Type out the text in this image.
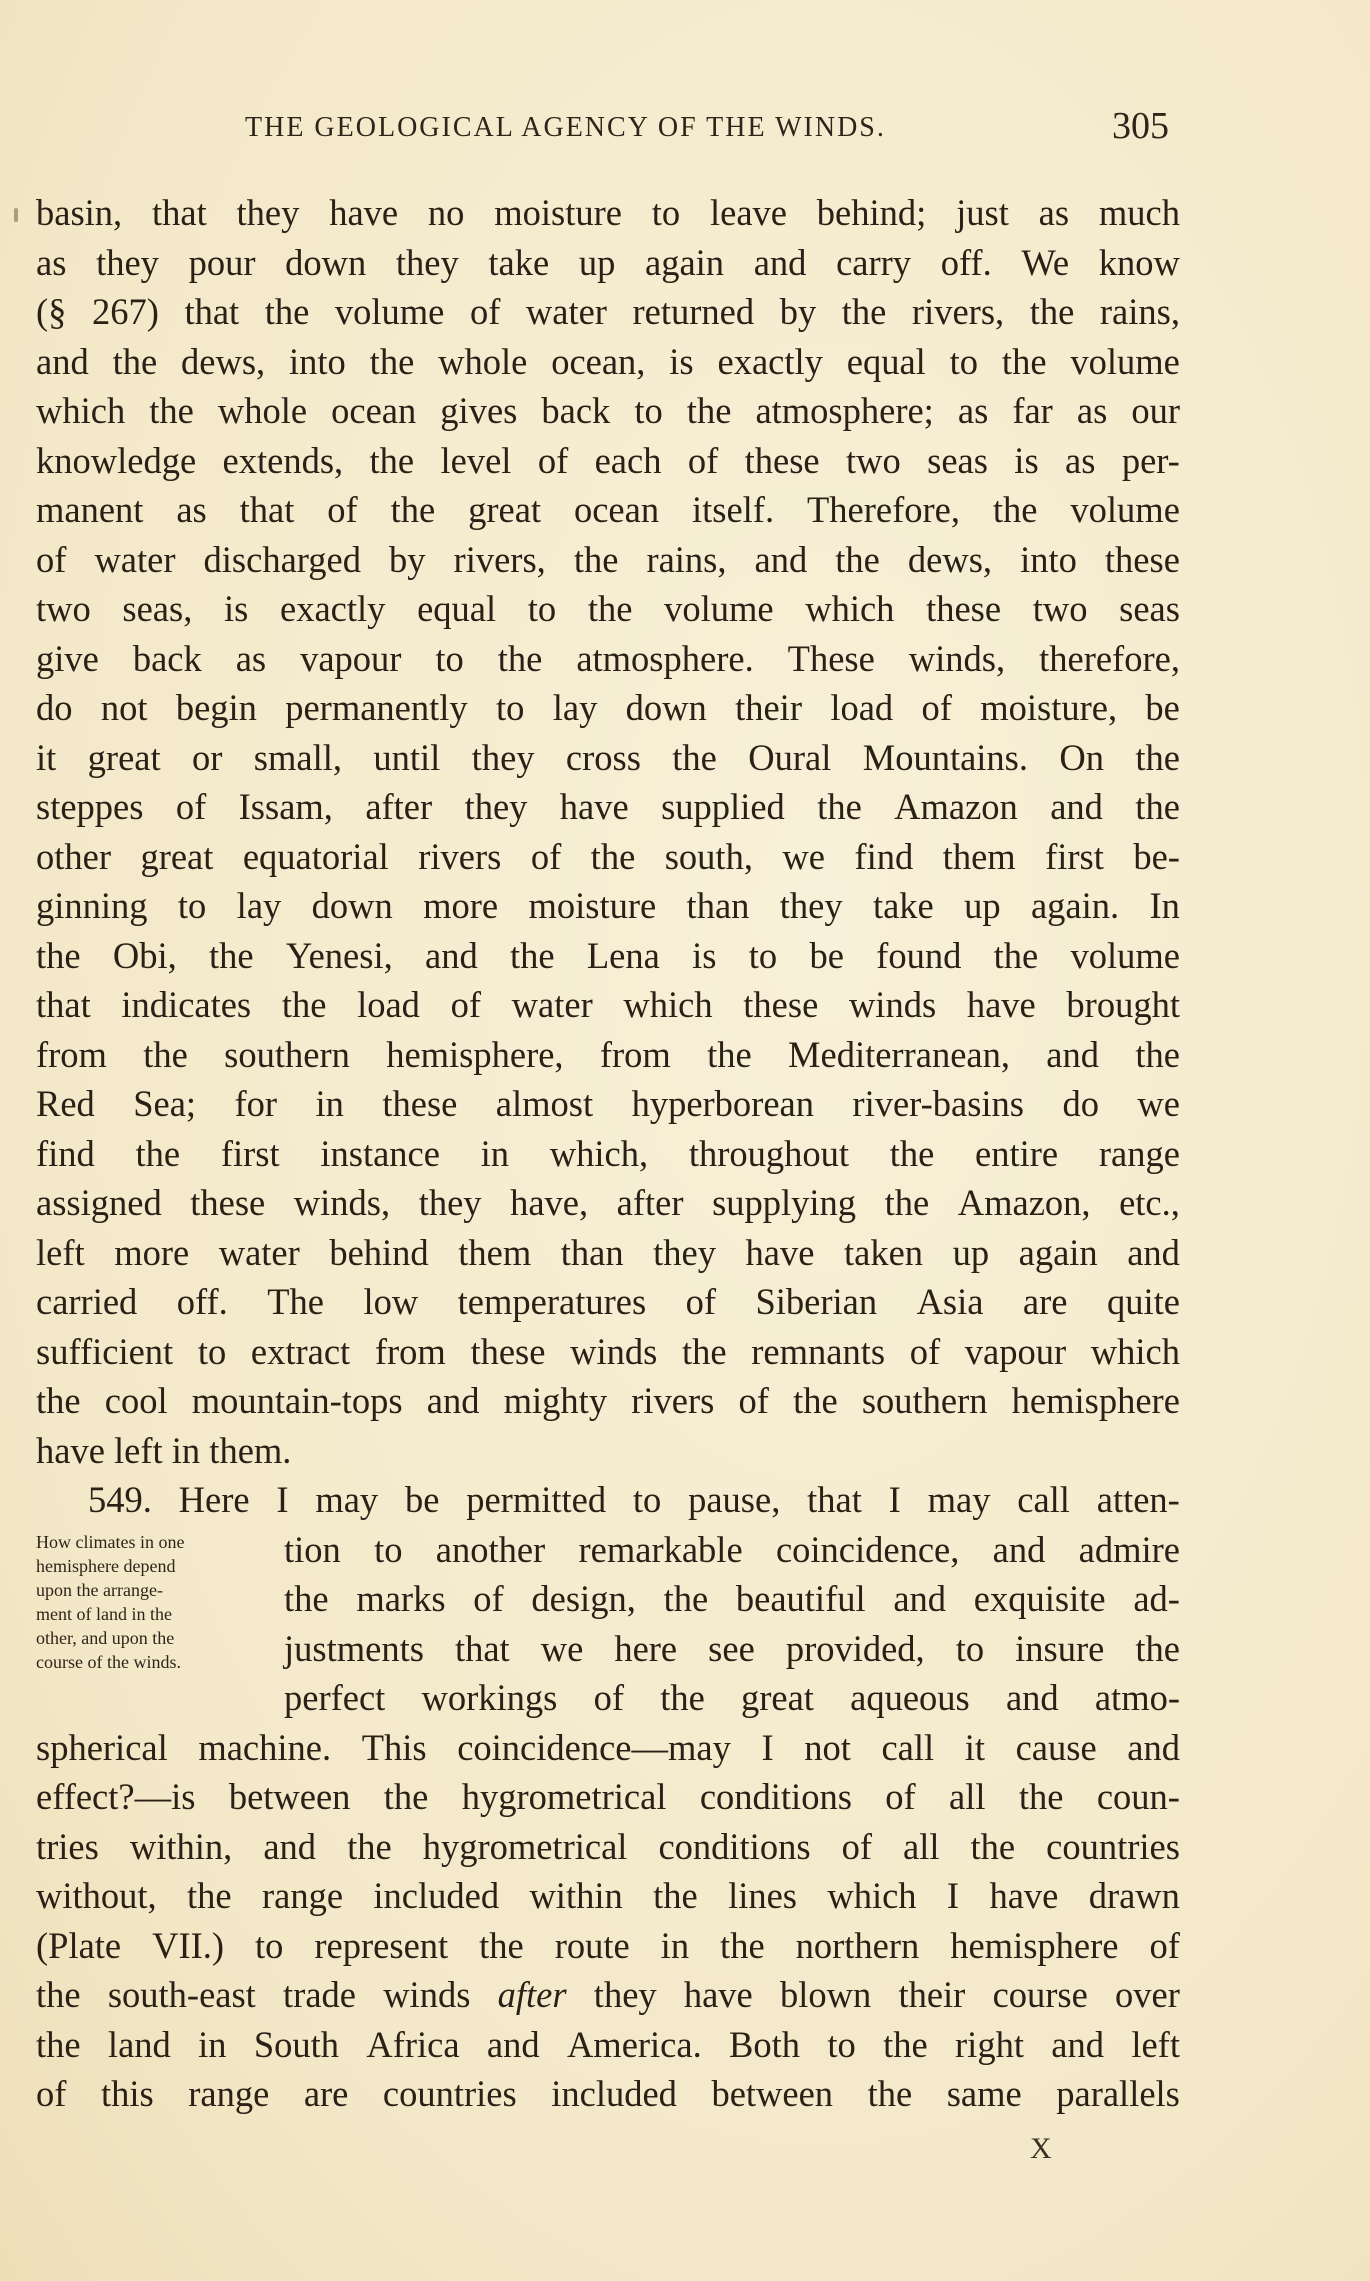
THE GEOLOGICAL AGENCY OF THE WINDS.	305
basin, that they have no moisture to leave behind; just as much
as they pour down they take up again and carry off. We know
(§ 267) that the volume of water returned by the rivers, the rains,
and the dews, into the whole ocean, is exactly equal to the volume
which the whole ocean gives back to the atmosphere; as far as our
knowledge extends, the level of each of these two seas is as per-
manent as that of the great ocean itself. Therefore, the volume
of water discharged by rivers, the rains, and the dews, into these
two seas, is exactly equal to the volume which these two seas
give back as vapour to the atmosphere. These winds, therefore,
do not begin permanently to lay down their load of moisture, be
it great or small, until they cross the Oural Mountains. On the
steppes of Issam, after they have supplied the Amazon and the
other great equatorial rivers of the south, we find them first be-
ginning to lay down more moisture than they take up again. In
the Obi, the Yenesi, and the Lena is to be found the volume
that indicates the load of water which these winds have brought
from the southern hemisphere, from the Mediterranean, and the
Red Sea; for in these almost hyperborean river-basins do we
find the first instance in which, throughout the entire range
assigned these winds, they have, after supplying the Amazon, etc.,
left more water behind them than they have taken up again and
carried off. The low temperatures of Siberian Asia are quite
sufficient to extract from these winds the remnants of vapour which
the cool mountain-tops and mighty rivers of the southern hemisphere
have left in them.
549. Here I may be permitted to pause, that I may call atten-
tion to another remarkable coincidence, and admire
the marks of design, the beautiful and exquisite ad-
justments that we here see provided, to insure the
perfect workings of the great aqueous and atmo-
spherical machine. This coincidence—may I not call it cause and
effect?—is between the hygrometrical conditions of all the coun-
tries within, and the hygrometrical conditions of all the countries
without, the range included within the lines which I have drawn
(Plate VII.) to represent the route in the northern hemisphere of
the south-east trade winds after they have blown their course over
the land in South Africa and America. Both to the right and left
of this range are countries included between the same parallels
How climates in one
hemisphere depend
upon the arrange-
ment of land in the
other, and upon the
course of the winds.
X
